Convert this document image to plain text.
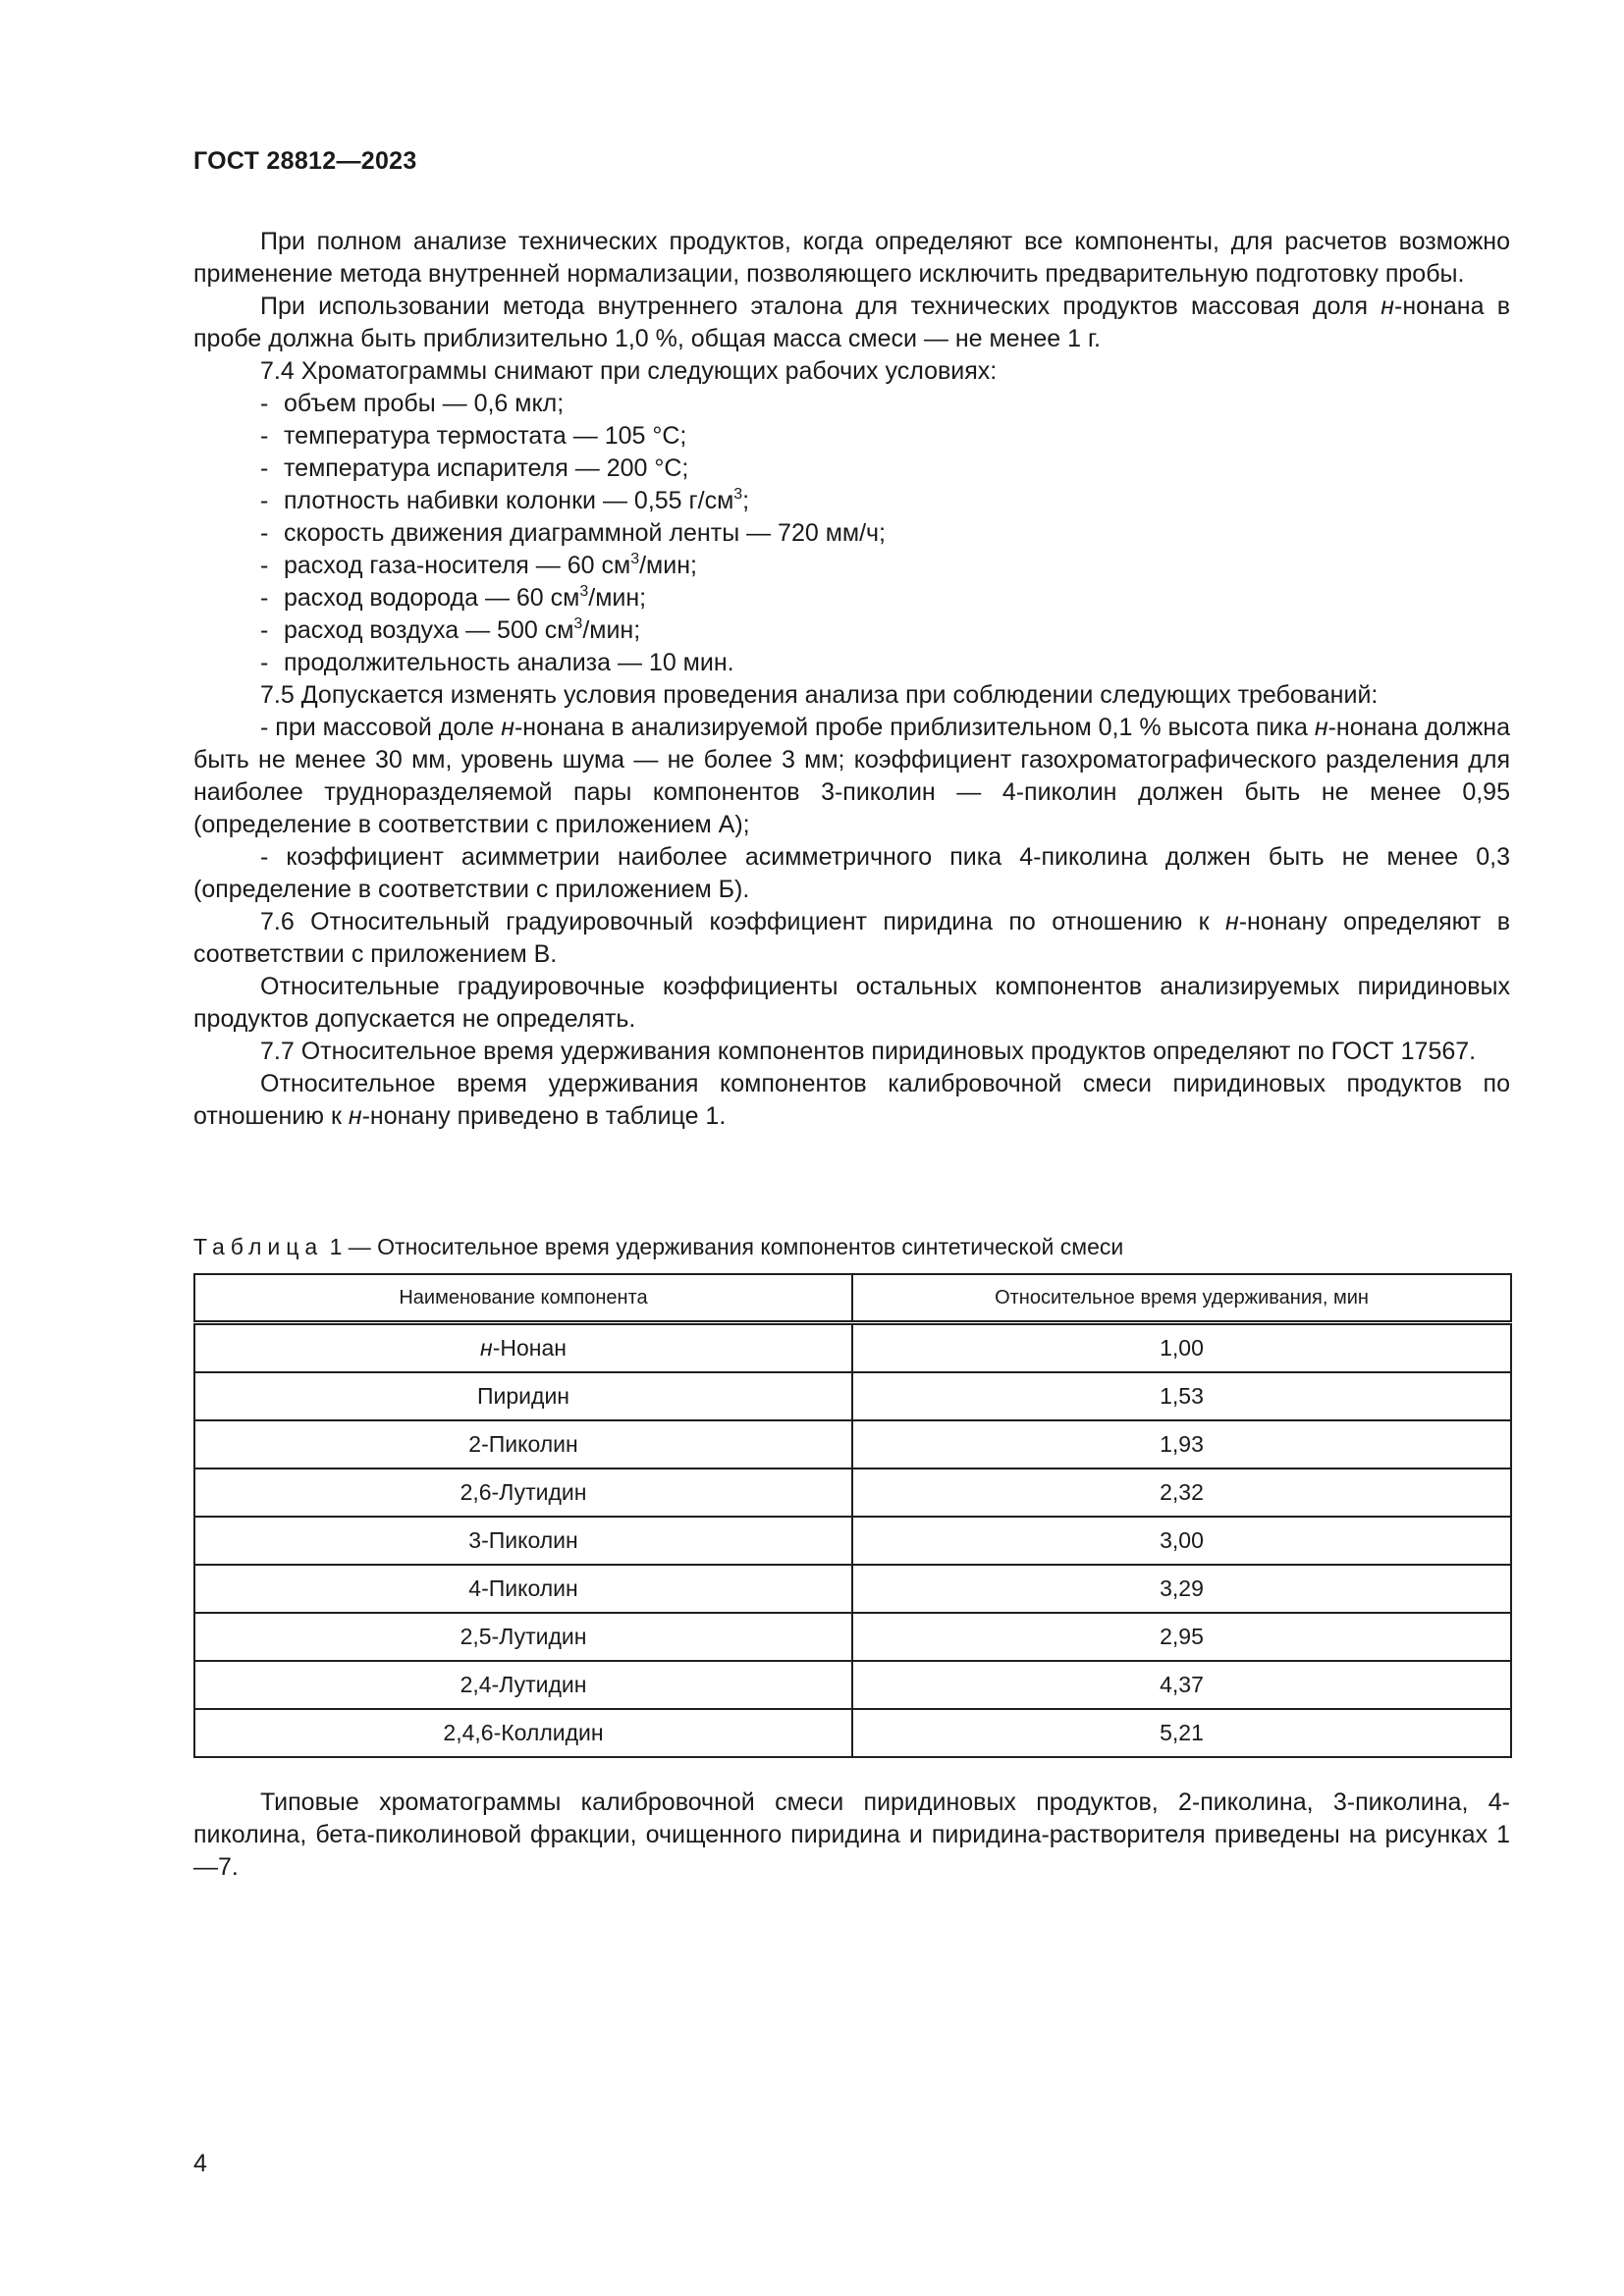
ГОСТ 28812—2023

При полном анализе технических продуктов, когда определяют все компоненты, для расчетов возможно применение метода внутренней нормализации, позволяющего исключить предварительную подготовку пробы.

При использовании метода внутреннего эталона для технических продуктов массовая доля н-нонана в пробе должна быть приблизительно 1,0 %, общая масса смеси — не менее 1 г.

7.4 Хроматограммы снимают при следующих рабочих условиях:

- объем пробы — 0,6 мкл;

- температура термостата — 105 °С;

- температура испарителя — 200 °С;

- плотность набивки колонки — 0,55 $г/см^3$;

- скорость движения диаграммной ленты — 720 мм/ч;

- расход газа-носителя — 60 $см^3$/мин;

- расход водорода — 60 $см^3$/мин;

- расход воздуха — 500 $см^3$/мин;

- продолжительность анализа — 10 мин.

7.5 Допускается изменять условия проведения анализа при соблюдении следующих требований:

- при массовой доле н-нонана в анализируемой пробе приблизительном 0,1 % высота пика н-нонана должна быть не менее 30 мм, уровень шума — не более 3 мм; коэффициент газохроматографического разделения для наиболее трудноразделяемой пары компонентов 3-пиколин — 4-пиколин должен быть не менее 0,95 (определение в соответствии с приложением А);

- коэффициент асимметрии наиболее асимметричного пика 4-пиколина должен быть не менее 0,3 (определение в соответствии с приложением Б).

7.6 Относительный градуировочный коэффициент пиридина по отношению к н-нонану определяют в соответствии с приложением В.

Относительные градуировочные коэффициенты остальных компонентов анализируемых пиридиновых продуктов допускается не определять.

7.7 Относительное время удерживания компонентов пиридиновых продуктов определяют по ГОСТ 17567.

Относительное время удерживания компонентов калибровочной смеси пиридиновых продуктов по отношению к н-нонану приведено в таблице 1.

Таблица 1 — Относительное время удерживания компонентов синтетической смеси
Наименование компонента	Относительное время удерживания, мин
н-Нонан	1,00
Пиридин	1,53
2-Пиколин	1,93
2,6-Лутидин	2,32
3-Пиколин	3,00
4-Пиколин	3,29
2,5-Лутидин	2,95
2,4-Лутидин	4,37
2,4,6-Коллидин	5,21

Типовые хроматограммы калибровочной смеси пиридиновых продуктов, 2-пиколина, 3-пиколина, 4-пиколина, бета-пиколиновой фракции, очищенного пиридина и пиридина-растворителя приведены на рисунках 1—7.

4
